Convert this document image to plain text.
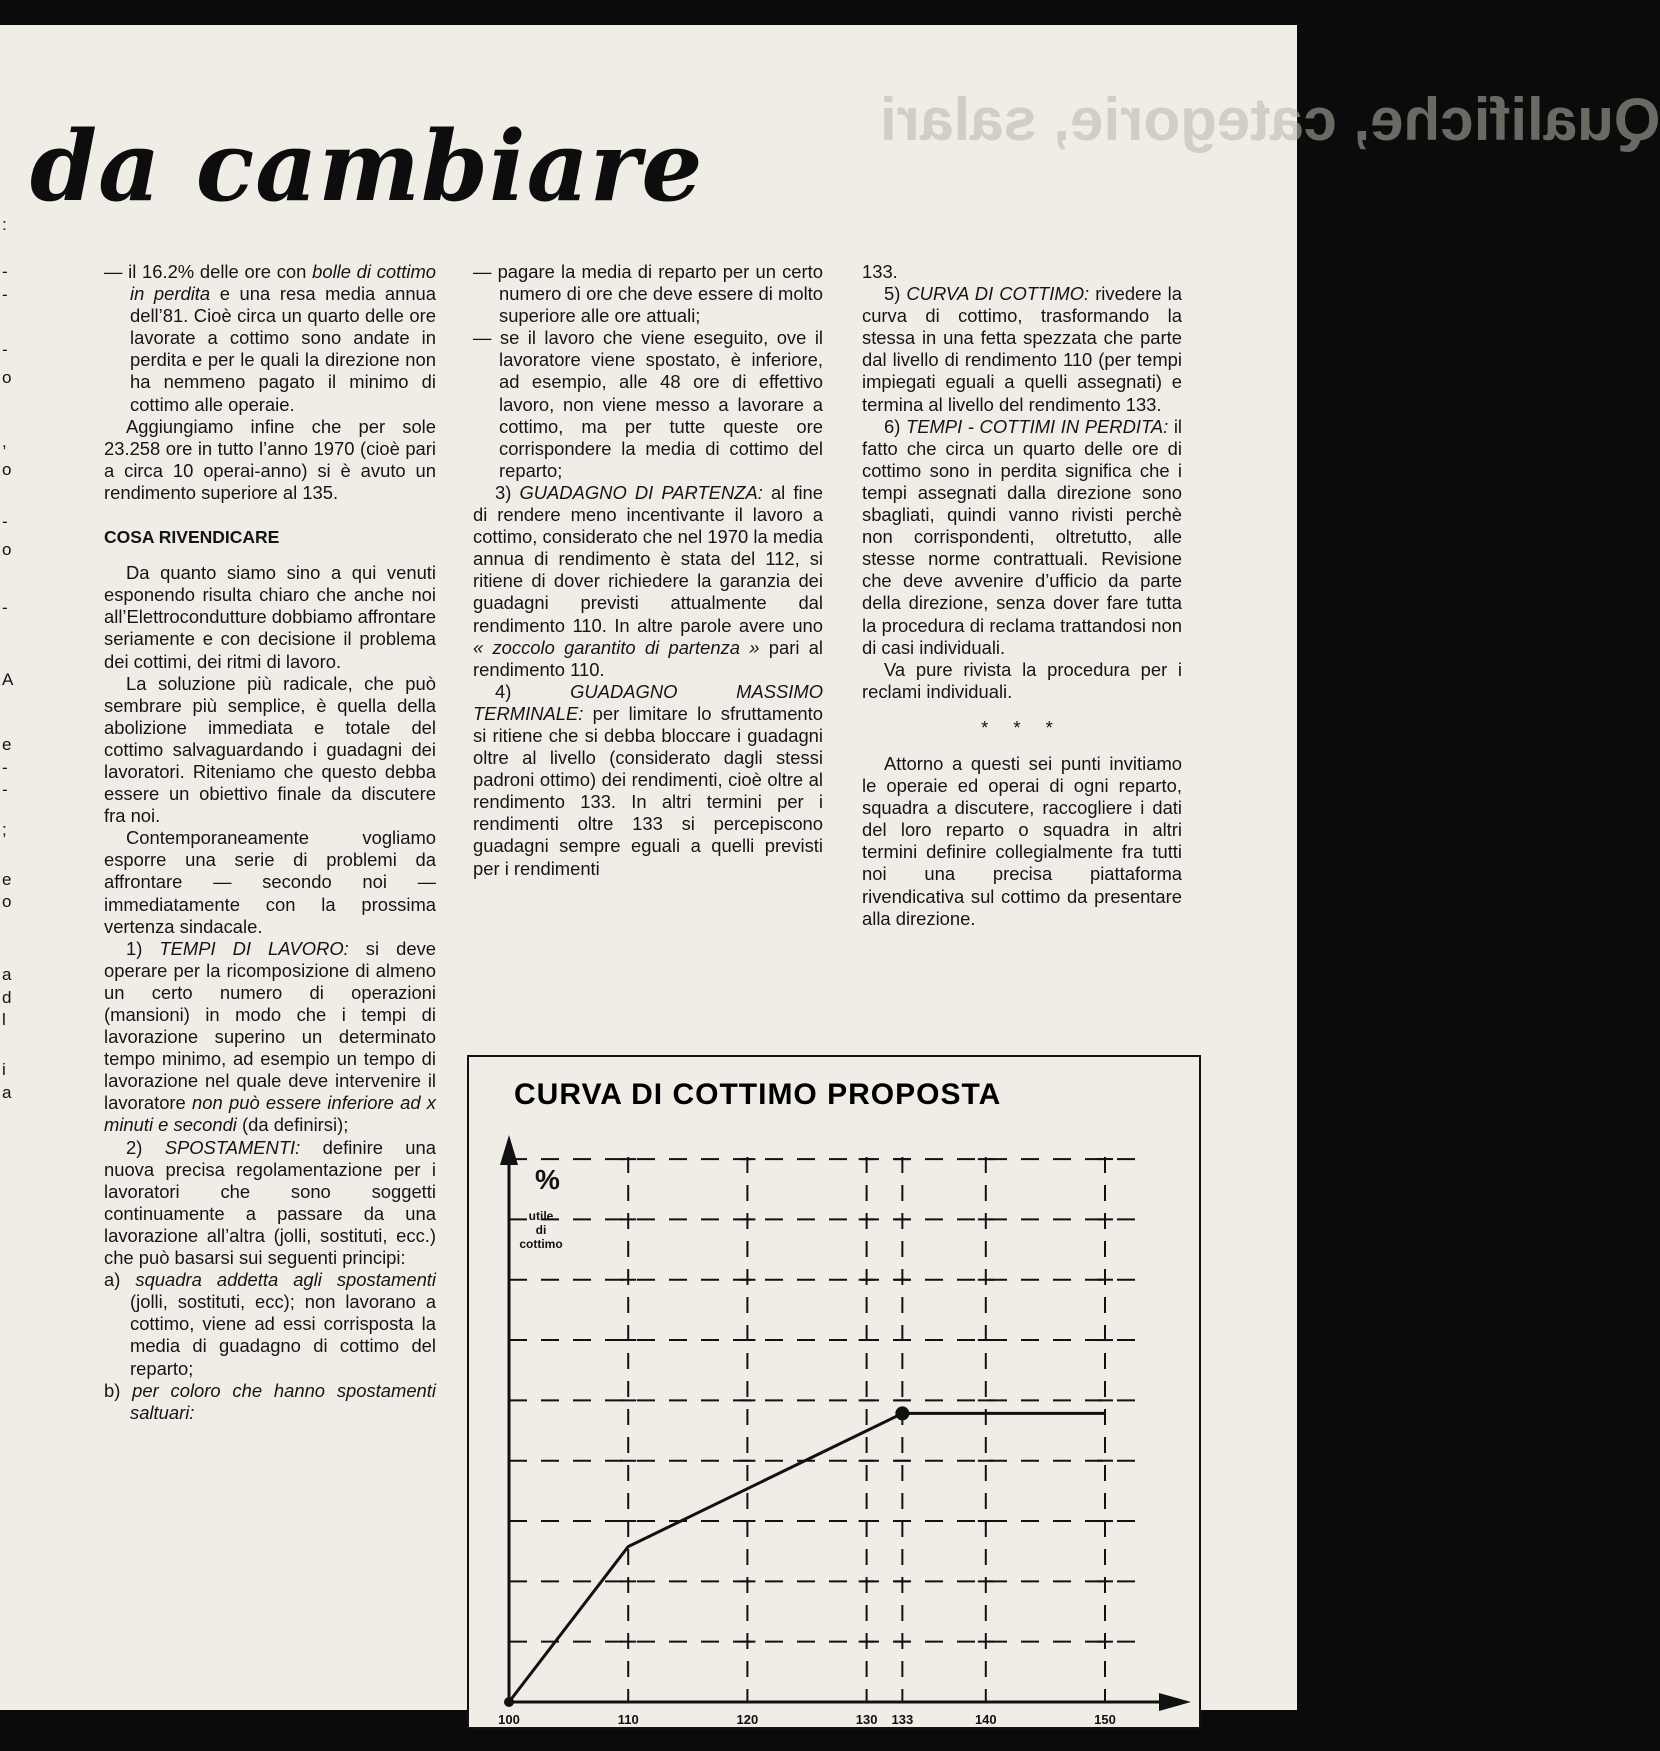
:
-
-
-
o
,
o
-
o
-
A
e
-
-
;
e
o
a
d
l
i
a
Qualifiche, categorie, salari
da cambiare

— il 16.2% delle ore con bolle di cottimo in perdita e una resa media annua dell’81. Cioè circa un quarto delle ore lavorate a cottimo sono andate in perdita e per le quali la direzione non ha nemmeno pagato il minimo di cottimo alle operaie.

Aggiungiamo infine che per sole 23.258 ore in tutto l’anno 1970 (cioè pari a circa 10 operai-anno) si è avuto un rendimento superiore al 135.

COSA RIVENDICARE

Da quanto siamo sino a qui venuti esponendo risulta chiaro che anche noi all’Elettrocondutture dobbiamo affrontare seriamente e con decisione il problema dei cottimi, dei ritmi di lavoro.

La soluzione più radicale, che può sembrare più semplice, è quella della abolizione immediata e totale del cottimo salvaguardando i guadagni dei lavoratori. Riteniamo che questo debba essere un obiettivo finale da discutere fra noi.

Contemporaneamente vogliamo esporre una serie di problemi da affrontare — secondo noi — immediatamente con la prossima vertenza sindacale.

1) TEMPI DI LAVORO: si deve operare per la ricomposizione di almeno un certo numero di operazioni (mansioni) in modo che i tempi di lavorazione superino un determinato tempo minimo, ad esempio un tempo di lavorazione nel quale deve intervenire il lavoratore non può essere inferiore ad x minuti e secondi (da definirsi);

2) SPOSTAMENTI: definire una nuova precisa regolamentazione per i lavoratori che sono soggetti continuamente a passare da una lavorazione all’altra (jolli, sostituti, ecc.) che può basarsi sui seguenti principi:

a) squadra addetta agli spostamenti (jolli, sostituti, ecc); non lavorano a cottimo, viene ad essi corrisposta la media di guadagno di cottimo del reparto;

b) per coloro che hanno spostamenti saltuari:

— pagare la media di reparto per un certo numero di ore che deve essere di molto superiore alle ore attuali;

— se il lavoro che viene eseguito, ove il lavoratore viene spostato, è inferiore, ad esempio, alle 48 ore di effettivo lavoro, non viene messo a lavorare a cottimo, ma per tutte queste ore corrispondere la media di cottimo del reparto;

3) GUADAGNO DI PARTENZA: al fine di rendere meno incentivante il lavoro a cottimo, considerato che nel 1970 la media annua di rendimento è stata del 112, si ritiene di dover richiedere la garanzia dei guadagni previsti attualmente dal rendimento 110. In altre parole avere uno « zoccolo garantito di partenza » pari al rendimento 110.

4) GUADAGNO MASSIMO TERMINALE: per limitare lo sfruttamento si ritiene che si debba bloccare i guadagni oltre al livello (considerato dagli stessi padroni ottimo) dei rendimenti, cioè oltre al rendimento 133. In altri termini per i rendimenti oltre 133 si percepiscono guadagni sempre eguali a quelli previsti per i rendimenti

133.

5) CURVA DI COTTIMO: rivedere la curva di cottimo, trasformando la stessa in una fetta spezzata che parte dal livello di rendimento 110 (per tempi impiegati eguali a quelli assegnati) e termina al livello del rendimento 133.

6) TEMPI - COTTIMI IN PERDITA: il fatto che circa un quarto delle ore di cottimo sono in perdita significa che i tempi assegnati dalla direzione sono sbagliati, quindi vanno rivisti perchè non corrispondenti, oltretutto, alle stesse norme contrattuali. Revisione che deve avvenire d’ufficio da parte della direzione, senza dover fare tutta la procedura di reclama trattandosi non di casi individuali.

Va pure rivista la procedura per i reclami individuali.

* * *

Attorno a questi sei punti invitiamo le operaie ed operai di ogni reparto, squadra a discutere, raccogliere i dati del loro reparto o squadra in altri termini definire collegialmente fra tutti noi una precisa piattaforma rivendicativa sul cottimo da presentare alla direzione.

CURVA DI COTTIMO PROPOSTA
%
utile
di
cottimo
100	110	120	130 133	140	150
